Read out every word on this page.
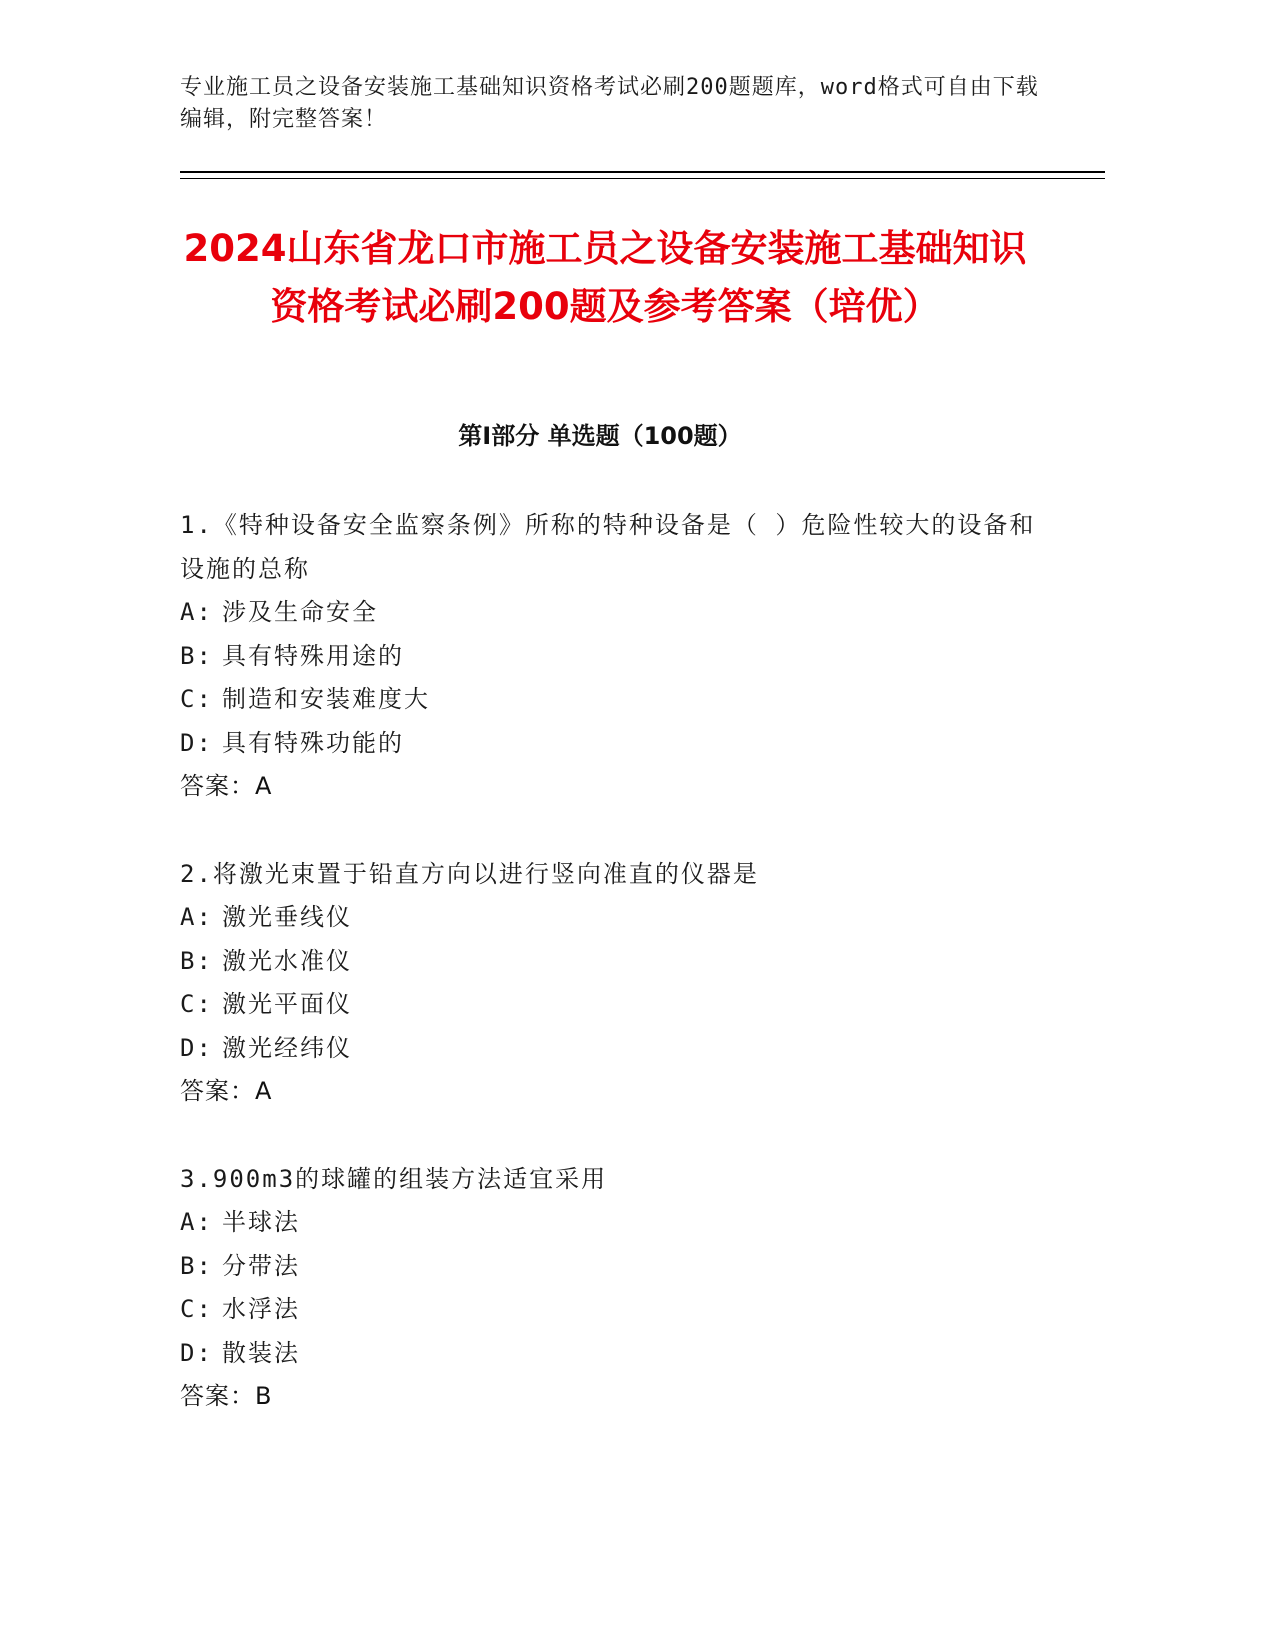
专业施工员之设备安装施工基础知识资格考试必刷200题题库，word格式可自由下载编辑，附完整答案！
2024山东省龙口市施工员之设备安装施工基础知识资格考试必刷200题及参考答案（培优）
第Ⅰ部分 单选题（100题）
1.《特种设备安全监察条例》所称的特种设备是（ ）危险性较大的设备和设施的总称
A: 涉及生命安全
B: 具有特殊用途的
C: 制造和安装难度大
D: 具有特殊功能的
答案：A
2.将激光束置于铅直方向以进行竖向准直的仪器是
A: 激光垂线仪
B: 激光水准仪
C: 激光平面仪
D: 激光经纬仪
答案：A
3.900m3的球罐的组装方法适宜采用
A: 半球法
B: 分带法
C: 水浮法
D: 散装法
答案：B
